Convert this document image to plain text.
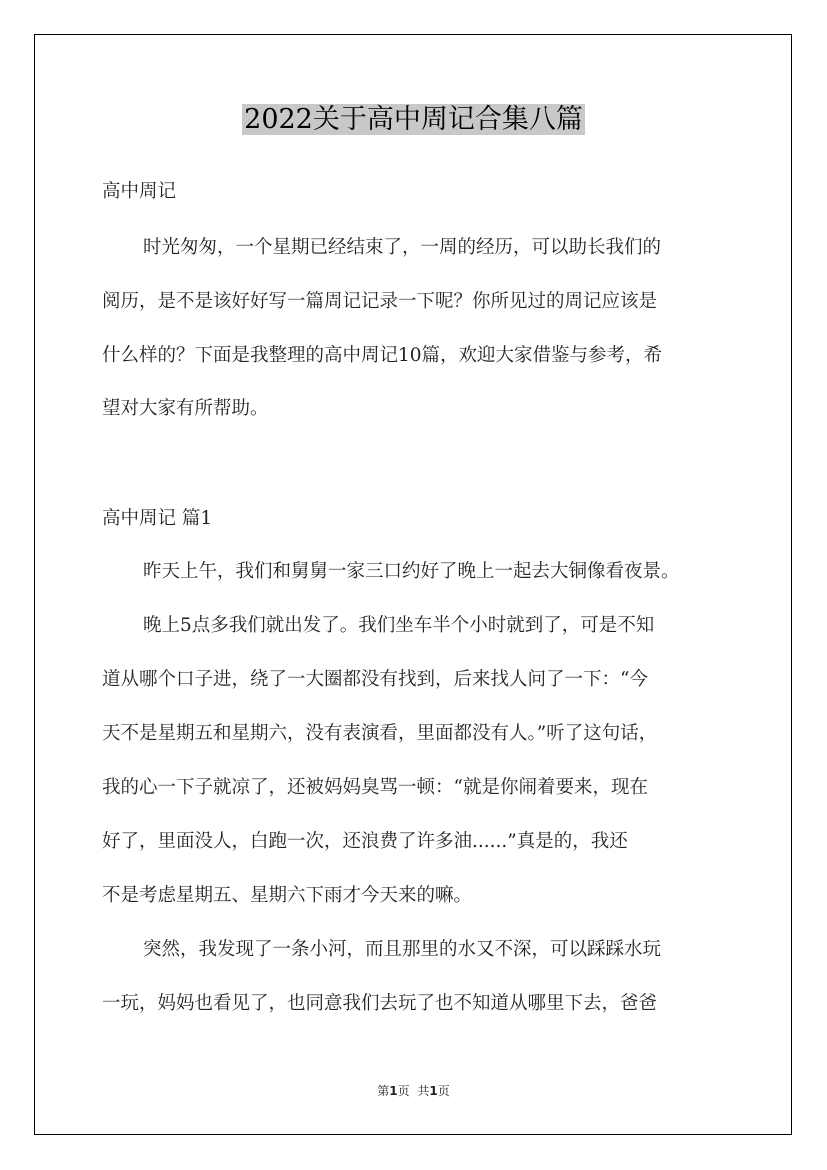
2022关于高中周记合集八篇
高中周记
时光匆匆，一个星期已经结束了，一周的经历，可以助长我们的
阅历，是不是该好好写一篇周记记录一下呢？你所见过的周记应该是
什么样的？下面是我整理的高中周记10篇，欢迎大家借鉴与参考，希
望对大家有所帮助。
高中周记 篇1
昨天上午，我们和舅舅一家三口约好了晚上一起去大铜像看夜景。
晚上5点多我们就出发了。我们坐车半个小时就到了，可是不知
道从哪个口子进，绕了一大圈都没有找到，后来找人问了一下：“今
天不是星期五和星期六，没有表演看，里面都没有人。”听了这句话，
我的心一下子就凉了，还被妈妈臭骂一顿：“就是你闹着要来，现在
好了，里面没人，白跑一次，还浪费了许多油......”真是的，我还
不是考虑星期五、星期六下雨才今天来的嘛。
突然，我发现了一条小河，而且那里的水又不深，可以踩踩水玩
一玩，妈妈也看见了，也同意我们去玩了也不知道从哪里下去，爸爸
第1页 共1页
